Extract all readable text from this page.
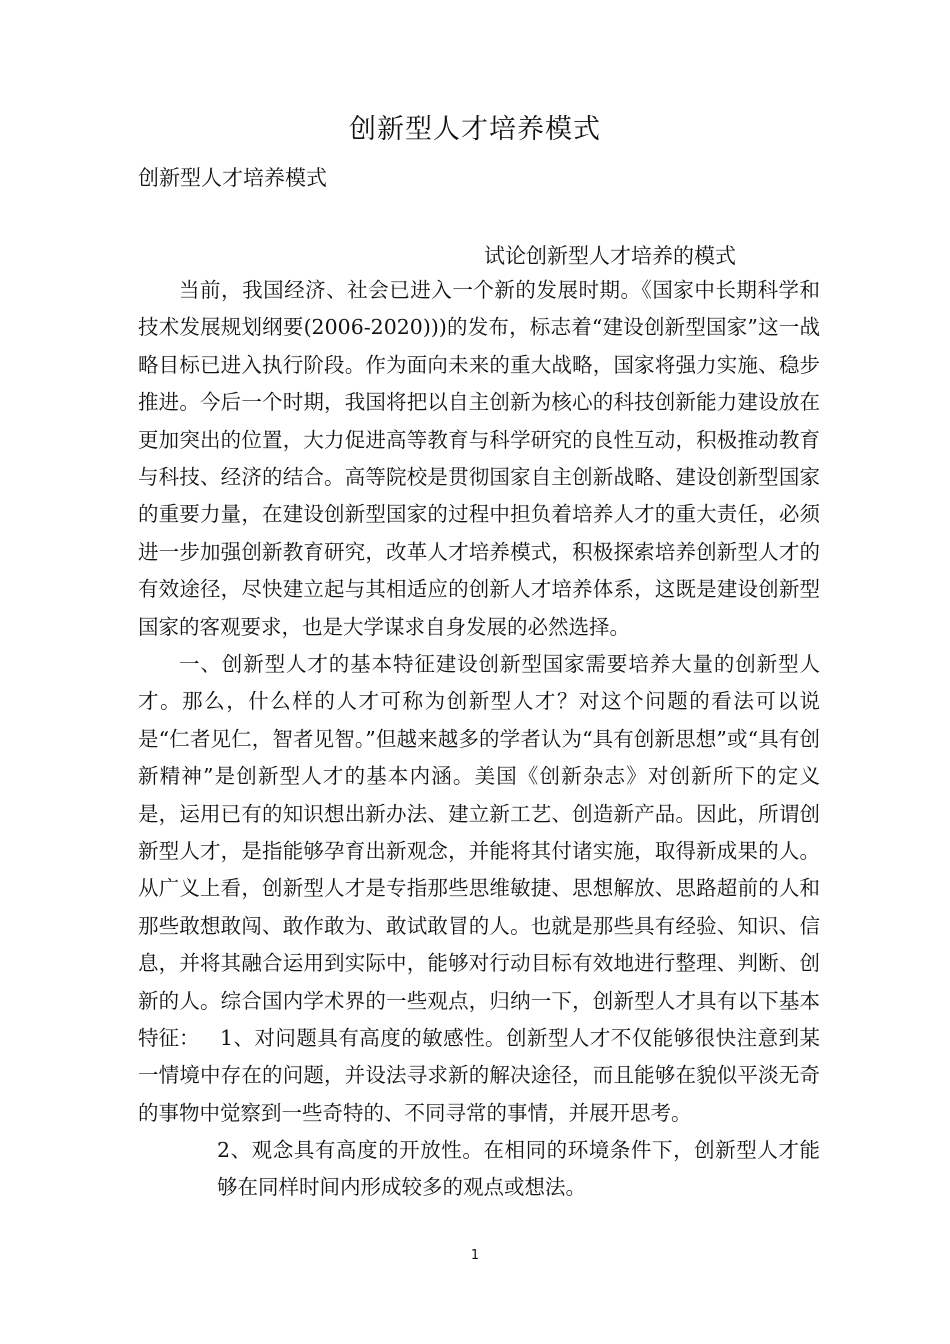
创新型人才培养模式
创新型人才培养模式
试论创新型人才培养的模式

当前，我国经济、社会已进入一个新的发展时期。《国家中长期科学和技术发展规划纲要(2006-2020)))的发布，标志着“建设创新型国家”这一战略目标已进入执行阶段。作为面向未来的重大战略，国家将强力实施、稳步推进。今后一个时期，我国将把以自主创新为核心的科技创新能力建设放在更加突出的位置，大力促进高等教育与科学研究的良性互动，积极推动教育与科技、经济的结合。高等院校是贯彻国家自主创新战略、建设创新型国家的重要力量，在建设创新型国家的过程中担负着培养人才的重大责任，必须进一步加强创新教育研究，改革人才培养模式，积极探索培养创新型人才的有效途径，尽快建立起与其相适应的创新人才培养体系，这既是建设创新型国家的客观要求，也是大学谋求自身发展的必然选择。

一、创新型人才的基本特征建设创新型国家需要培养大量的创新型人才。那么，什么样的人才可称为创新型人才？对这个问题的看法可以说是“仁者见仁，智者见智。”但越来越多的学者认为“具有创新思想”或“具有创新精神”是创新型人才的基本内涵。美国《创新杂志》对创新所下的定义是，运用已有的知识想出新办法、建立新工艺、创造新产品。因此，所谓创新型人才，是指能够孕育出新观念，并能将其付诸实施，取得新成果的人。从广义上看，创新型人才是专指那些思维敏捷、思想解放、思路超前的人和那些敢想敢闯、敢作敢为、敢试敢冒的人。也就是那些具有经验、知识、信息，并将其融合运用到实际中，能够对行动目标有效地进行整理、判断、创新的人。综合国内学术界的一些观点，归纳一下，创新型人才具有以下基本特征：	1、对问题具有高度的敏感性。创新型人才不仅能够很快注意到某一情境中存在的问题，并设法寻求新的解决途径，而且能够在貌似平淡无奇的事物中觉察到一些奇特的、不同寻常的事情，并展开思考。

2、观念具有高度的开放性。在相同的环境条件下，创新型人才能够在同样时间内形成较多的观点或想法。

1
